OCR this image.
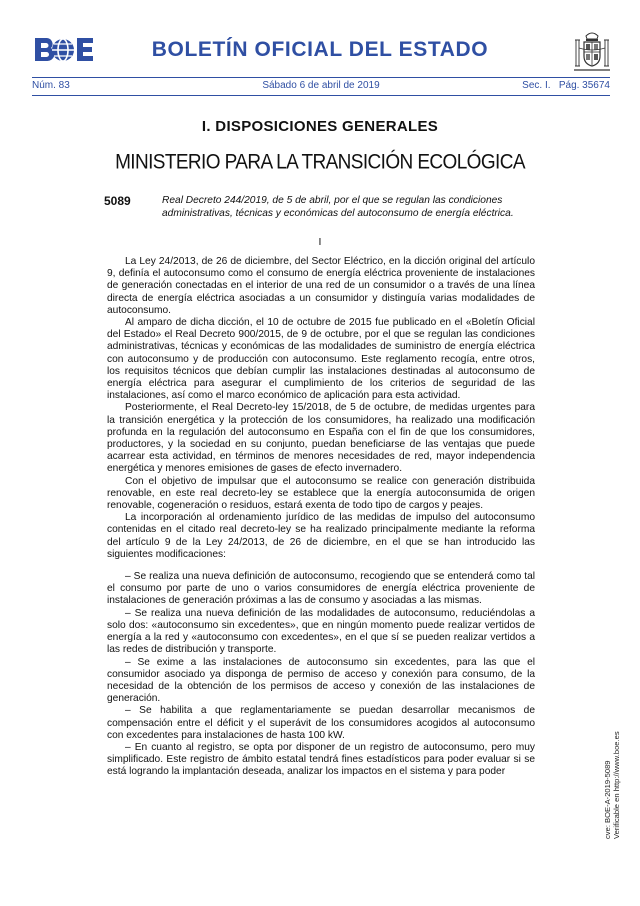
BOLETÍN OFICIAL DEL ESTADO
Núm. 83	Sábado 6 de abril de 2019	Sec. I.   Pág. 35674
I. DISPOSICIONES GENERALES
MINISTERIO PARA LA TRANSICIÓN ECOLÓGICA
5089	Real Decreto 244/2019, de 5 de abril, por el que se regulan las condiciones administrativas, técnicas y económicas del autoconsumo de energía eléctrica.
I

La Ley 24/2013, de 26 de diciembre, del Sector Eléctrico, en la dicción original del artículo 9, definía el autoconsumo como el consumo de energía eléctrica proveniente de instalaciones de generación conectadas en el interior de una red de un consumidor o a través de una línea directa de energía eléctrica asociadas a un consumidor y distinguía varias modalidades de autoconsumo.

Al amparo de dicha dicción, el 10 de octubre de 2015 fue publicado en el «Boletín Oficial del Estado» el Real Decreto 900/2015, de 9 de octubre, por el que se regulan las condiciones administrativas, técnicas y económicas de las modalidades de suministro de energía eléctrica con autoconsumo y de producción con autoconsumo. Este reglamento recogía, entre otros, los requisitos técnicos que debían cumplir las instalaciones destinadas al autoconsumo de energía eléctrica para asegurar el cumplimiento de los criterios de seguridad de las instalaciones, así como el marco económico de aplicación para esta actividad.

Posteriormente, el Real Decreto-ley 15/2018, de 5 de octubre, de medidas urgentes para la transición energética y la protección de los consumidores, ha realizado una modificación profunda en la regulación del autoconsumo en España con el fin de que los consumidores, productores, y la sociedad en su conjunto, puedan beneficiarse de las ventajas que puede acarrear esta actividad, en términos de menores necesidades de red, mayor independencia energética y menores emisiones de gases de efecto invernadero.

Con el objetivo de impulsar que el autoconsumo se realice con generación distribuida renovable, en este real decreto-ley se establece que la energía autoconsumida de origen renovable, cogeneración o residuos, estará exenta de todo tipo de cargos y peajes.

La incorporación al ordenamiento jurídico de las medidas de impulso del autoconsumo contenidas en el citado real decreto-ley se ha realizado principalmente mediante la reforma del artículo 9 de la Ley 24/2013, de 26 de diciembre, en el que se han introducido las siguientes modificaciones:

– Se realiza una nueva definición de autoconsumo, recogiendo que se entenderá como tal el consumo por parte de uno o varios consumidores de energía eléctrica proveniente de instalaciones de generación próximas a las de consumo y asociadas a las mismas.

– Se realiza una nueva definición de las modalidades de autoconsumo, reduciéndolas a solo dos: «autoconsumo sin excedentes», que en ningún momento puede realizar vertidos de energía a la red y «autoconsumo con excedentes», en el que sí se pueden realizar vertidos a las redes de distribución y transporte.

– Se exime a las instalaciones de autoconsumo sin excedentes, para las que el consumidor asociado ya disponga de permiso de acceso y conexión para consumo, de la necesidad de la obtención de los permisos de acceso y conexión de las instalaciones de generación.

– Se habilita a que reglamentariamente se puedan desarrollar mecanismos de compensación entre el déficit y el superávit de los consumidores acogidos al autoconsumo con excedentes para instalaciones de hasta 100 kW.

– En cuanto al registro, se opta por disponer de un registro de autoconsumo, pero muy simplificado. Este registro de ámbito estatal tendrá fines estadísticos para poder evaluar si se está logrando la implantación deseada, analizar los impactos en el sistema y para poder	cve: BOE-A-2019-5089 Verificable en http://www.boe.es
